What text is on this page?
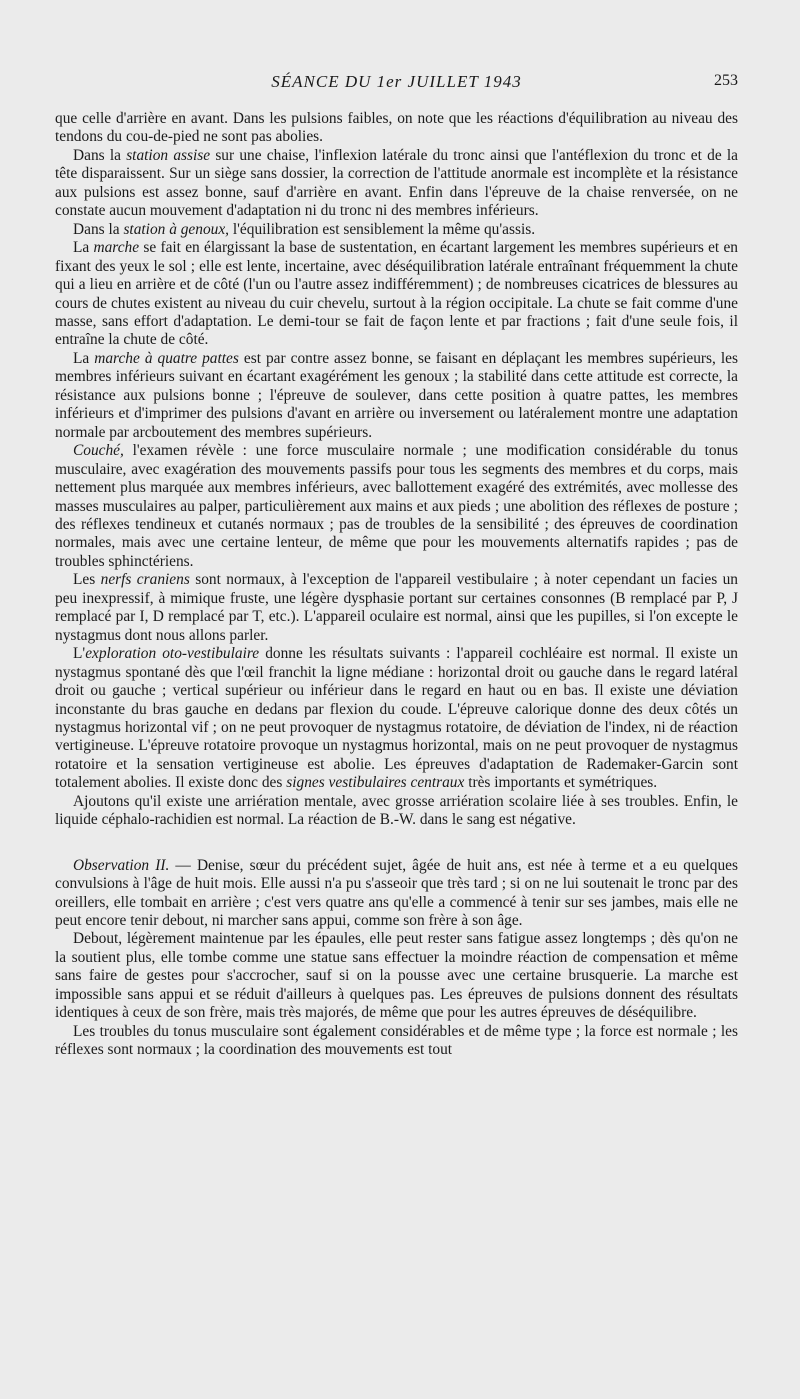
SÉANCE DU 1er JUILLET 1943	253

que celle d'arrière en avant. Dans les pulsions faibles, on note que les réactions d'équilibration au niveau des tendons du cou-de-pied ne sont pas abolies.

Dans la station assise sur une chaise, l'inflexion latérale du tronc ainsi que l'antéflexion du tronc et de la tête disparaissent. Sur un siège sans dossier, la correction de l'attitude anormale est incomplète et la résistance aux pulsions est assez bonne, sauf d'arrière en avant. Enfin dans l'épreuve de la chaise renversée, on ne constate aucun mouvement d'adaptation ni du tronc ni des membres inférieurs.

Dans la station à genoux, l'équilibration est sensiblement la même qu'assis.

La marche se fait en élargissant la base de sustentation, en écartant largement les membres supérieurs et en fixant des yeux le sol ; elle est lente, incertaine, avec déséquilibration latérale entraînant fréquemment la chute qui a lieu en arrière et de côté (l'un ou l'autre assez indifféremment) ; de nombreuses cicatrices de blessures au cours de chutes existent au niveau du cuir chevelu, surtout à la région occipitale. La chute se fait comme d'une masse, sans effort d'adaptation. Le demi-tour se fait de façon lente et par fractions ; fait d'une seule fois, il entraîne la chute de côté.

La marche à quatre pattes est par contre assez bonne, se faisant en déplaçant les membres supérieurs, les membres inférieurs suivant en écartant exagérément les genoux ; la stabilité dans cette attitude est correcte, la résistance aux pulsions bonne ; l'épreuve de soulever, dans cette position à quatre pattes, les membres inférieurs et d'imprimer des pulsions d'avant en arrière ou inversement ou latéralement montre une adaptation normale par arcboutement des membres supérieurs.

Couché, l'examen révèle : une force musculaire normale ; une modification considérable du tonus musculaire, avec exagération des mouvements passifs pour tous les segments des membres et du corps, mais nettement plus marquée aux membres inférieurs, avec ballottement exagéré des extrémités, avec mollesse des masses musculaires au palper, particulièrement aux mains et aux pieds ; une abolition des réflexes de posture ; des réflexes tendineux et cutanés normaux ; pas de troubles de la sensibilité ; des épreuves de coordination normales, mais avec une certaine lenteur, de même que pour les mouvements alternatifs rapides ; pas de troubles sphinctériens.

Les nerfs craniens sont normaux, à l'exception de l'appareil vestibulaire ; à noter cependant un facies un peu inexpressif, à mimique fruste, une légère dysphasie portant sur certaines consonnes (B remplacé par P, J remplacé par I, D remplacé par T, etc.). L'appareil oculaire est normal, ainsi que les pupilles, si l'on excepte le nystagmus dont nous allons parler.

L'exploration oto-vestibulaire donne les résultats suivants : l'appareil cochléaire est normal. Il existe un nystagmus spontané dès que l'œil franchit la ligne médiane : horizontal droit ou gauche dans le regard latéral droit ou gauche ; vertical supérieur ou inférieur dans le regard en haut ou en bas. Il existe une déviation inconstante du bras gauche en dedans par flexion du coude. L'épreuve calorique donne des deux côtés un nystagmus horizontal vif ; on ne peut provoquer de nystagmus rotatoire, de déviation de l'index, ni de réaction vertigineuse. L'épreuve rotatoire provoque un nystagmus horizontal, mais on ne peut provoquer de nystagmus rotatoire et la sensation vertigineuse est abolie. Les épreuves d'adaptation de Rademaker-Garcin sont totalement abolies. Il existe donc des signes vestibulaires centraux très importants et symétriques.

Ajoutons qu'il existe une arriération mentale, avec grosse arriération scolaire liée à ses troubles. Enfin, le liquide céphalo-rachidien est normal. La réaction de B.-W. dans le sang est négative.

Observation II. — Denise, sœur du précédent sujet, âgée de huit ans, est née à terme et a eu quelques convulsions à l'âge de huit mois. Elle aussi n'a pu s'asseoir que très tard ; si on ne lui soutenait le tronc par des oreillers, elle tombait en arrière ; c'est vers quatre ans qu'elle a commencé à tenir sur ses jambes, mais elle ne peut encore tenir debout, ni marcher sans appui, comme son frère à son âge.

Debout, légèrement maintenue par les épaules, elle peut rester sans fatigue assez longtemps ; dès qu'on ne la soutient plus, elle tombe comme une statue sans effectuer la moindre réaction de compensation et même sans faire de gestes pour s'accrocher, sauf si on la pousse avec une certaine brusquerie. La marche est impossible sans appui et se réduit d'ailleurs à quelques pas. Les épreuves de pulsions donnent des résultats identiques à ceux de son frère, mais très majorés, de même que pour les autres épreuves de déséquilibre.

Les troubles du tonus musculaire sont également considérables et de même type ; la force est normale ; les réflexes sont normaux ; la coordination des mouvements est tout
